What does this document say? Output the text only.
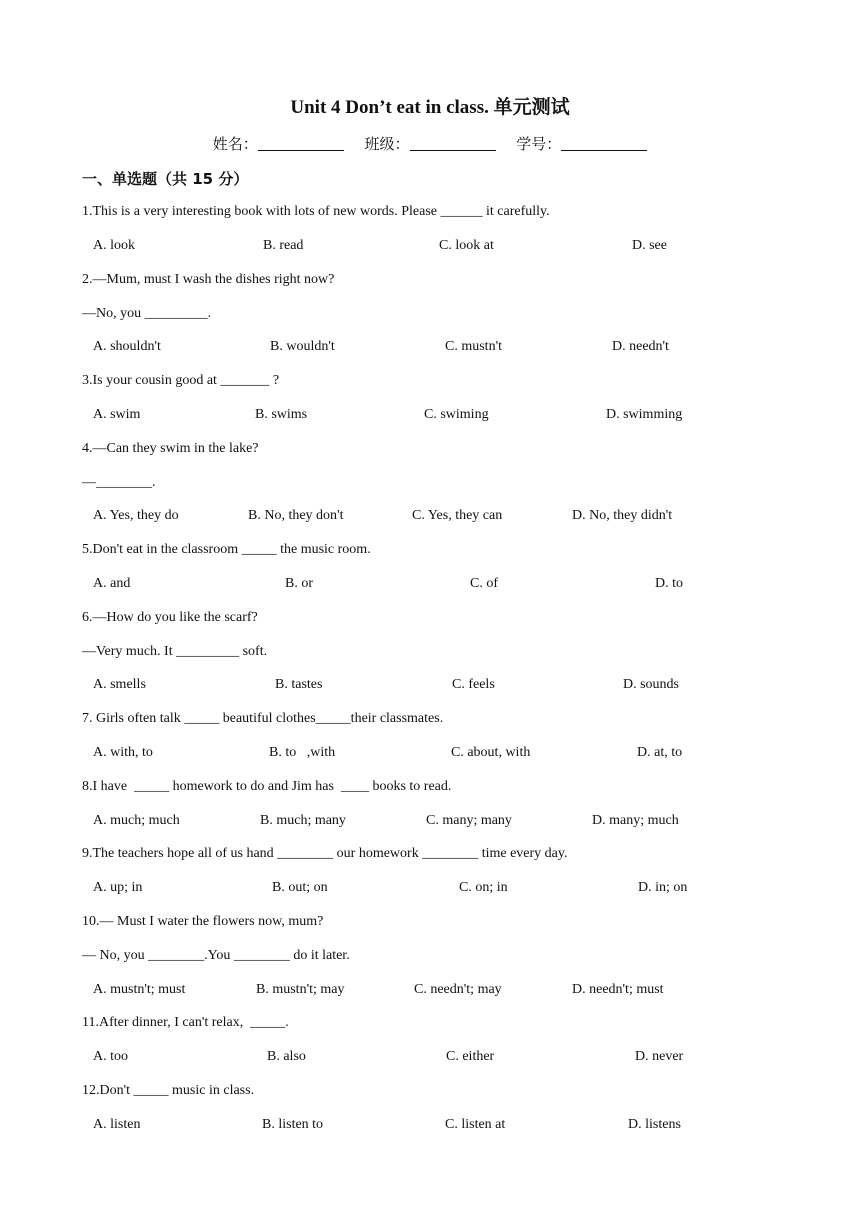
Unit 4 Don’t eat in class. 单元测试
姓名：	班级：	学号：
一、单选题（共 15 分）
1.This is a very interesting book with lots of new words. Please ______ it carefully.
A. look	B. read	C. look at	D. see
2.—Mum, must I wash the dishes right now?
—No, you _________.
A. shouldn't	B. wouldn't	C. mustn't	D. needn't
3.Is your cousin good at _______ ?
A. swim	B. swims	C. swiming	D. swimming
4.—Can they swim in the lake?
—________.
A. Yes, they do	B. No, they don't	C. Yes, they can	D. No, they didn't
5.Don't eat in the classroom _____ the music room.
A. and	B. or	C. of	D. to
6.—How do you like the scarf?
—Very much. It _________ soft.
A. smells	B. tastes	C. feels	D. sounds
7. Girls often talk _____ beautiful clothes_____their classmates.
A. with, to	B. to   ,with	C. about, with	D. at, to
8.I have  _____ homework to do and Jim has  ____ books to read.
A. much; much	B. much; many	C. many; many	D. many; much
9.The teachers hope all of us hand ________ our homework ________ time every day.
A. up; in	B. out; on	C. on; in	D. in; on
10.— Must I water the flowers now, mum?
— No, you ________.You ________ do it later.
A. mustn't; must	B. mustn't; may	C. needn't; may	D. needn't; must
11.After dinner, I can't relax,  _____.
A. too	B. also	C. either	D. never
12.Don't _____ music in class.
A. listen	B. listen to	C. listen at	D. listens
